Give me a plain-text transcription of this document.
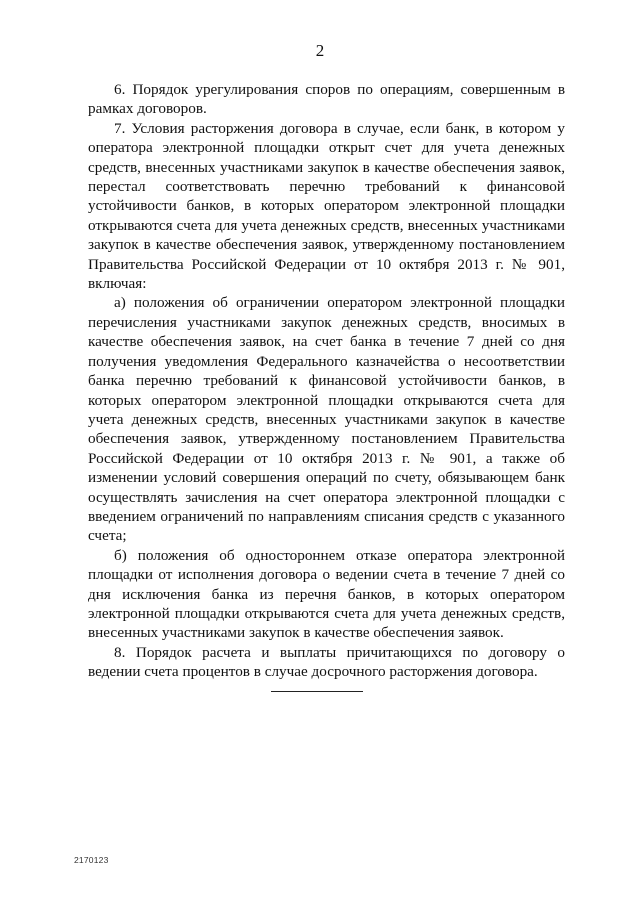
2

6. Порядок урегулирования споров по операциям, совершенным в рамках договоров.

7. Условия расторжения договора в случае, если банк, в котором у оператора электронной площадки открыт счет для учета денежных средств, внесенных участниками закупок в качестве обеспечения заявок, перестал соответствовать перечню требований к финансовой устойчивости банков, в которых оператором электронной площадки открываются счета для учета денежных средств, внесенных участниками закупок в качестве обеспечения заявок, утвержденному постановлением Правительства Российской Федерации от 10 октября 2013 г. № 901, включая:

а) положения об ограничении оператором электронной площадки перечисления участниками закупок денежных средств, вносимых в качестве обеспечения заявок, на счет банка в течение 7 дней со дня получения уведомления Федерального казначейства о несоответствии банка перечню требований к финансовой устойчивости банков, в которых оператором электронной площадки открываются счета для учета денежных средств, внесенных участниками закупок в качестве обеспечения заявок, утвержденному постановлением Правительства Российской Федерации от 10 октября 2013 г. № 901, а также об изменении условий совершения операций по счету, обязывающем банк осуществлять зачисления на счет оператора электронной площадки с введением ограничений по направлениям списания средств с указанного счета;

б) положения об одностороннем отказе оператора электронной площадки от исполнения договора о ведении счета в течение 7 дней со дня исключения банка из перечня банков, в которых оператором электронной площадки открываются счета для учета денежных средств, внесенных участниками закупок в качестве обеспечения заявок.

8. Порядок расчета и выплаты причитающихся по договору о ведении счета процентов в случае досрочного расторжения договора.

2170123
